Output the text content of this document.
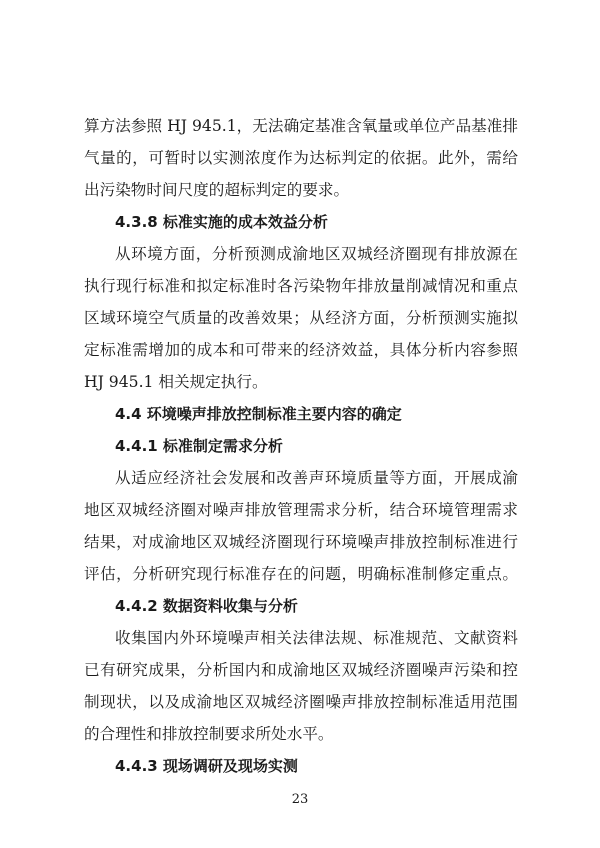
算方法参照 HJ 945.1，无法确定基准含氧量或单位产品基准排
气量的，可暂时以实测浓度作为达标判定的依据。此外，需给
出污染物时间尺度的超标判定的要求。
4.3.8 标准实施的成本效益分析
从环境方面，分析预测成渝地区双城经济圈现有排放源在
执行现行标准和拟定标准时各污染物年排放量削减情况和重点
区域环境空气质量的改善效果；从经济方面，分析预测实施拟
定标准需增加的成本和可带来的经济效益，具体分析内容参照
HJ 945.1 相关规定执行。
4.4 环境噪声排放控制标准主要内容的确定
4.4.1 标准制定需求分析
从适应经济社会发展和改善声环境质量等方面，开展成渝
地区双城经济圈对噪声排放管理需求分析，结合环境管理需求
结果，对成渝地区双城经济圈现行环境噪声排放控制标准进行
评估，分析研究现行标准存在的问题，明确标准制修定重点。
4.4.2 数据资料收集与分析
收集国内外环境噪声相关法律法规、标准规范、文献资料
已有研究成果，分析国内和成渝地区双城经济圈噪声污染和控
制现状，以及成渝地区双城经济圈噪声排放控制标准适用范围
的合理性和排放控制要求所处水平。
4.4.3 现场调研及现场实测
23
